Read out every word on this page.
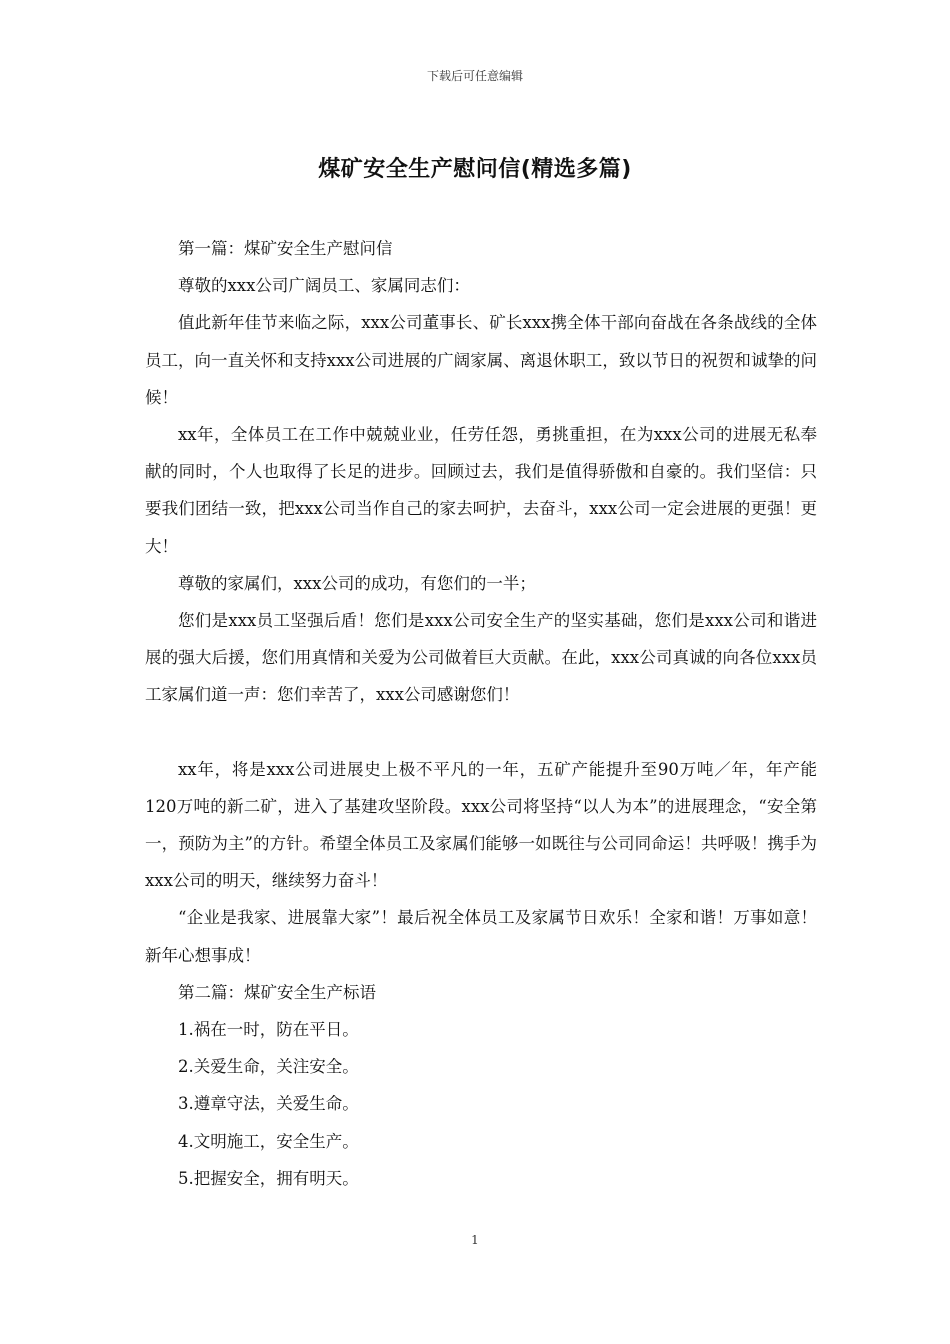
下载后可任意编辑
煤矿安全生产慰问信(精选多篇)

第一篇：煤矿安全生产慰问信

尊敬的xxx公司广阔员工、家属同志们：

值此新年佳节来临之际，xxx公司董事长、矿长xxx携全体干部向奋战在各条战线的全体员工，向一直关怀和支持xxx公司进展的广阔家属、离退休职工，致以节日的祝贺和诚挚的问候！

xx年，全体员工在工作中兢兢业业，任劳任怨，勇挑重担，在为xxx公司的进展无私奉献的同时，个人也取得了长足的进步。回顾过去，我们是值得骄傲和自豪的。我们坚信：只要我们团结一致，把xxx公司当作自己的家去呵护，去奋斗，xxx公司一定会进展的更强！更大！

尊敬的家属们，xxx公司的成功，有您们的一半；

您们是xxx员工坚强后盾！您们是xxx公司安全生产的坚实基础，您们是xxx公司和谐进展的强大后援，您们用真情和关爱为公司做着巨大贡献。在此，xxx公司真诚的向各位xxx员工家属们道一声：您们幸苦了，xxx公司感谢您们！

xx年，将是xxx公司进展史上极不平凡的一年，五矿产能提升至90万吨／年，年产能120万吨的新二矿，进入了基建攻坚阶段。xxx公司将坚持“以人为本”的进展理念，“安全第一，预防为主”的方针。希望全体员工及家属们能够一如既往与公司同命运！共呼吸！携手为xxx公司的明天，继续努力奋斗！

“企业是我家、进展靠大家”！最后祝全体员工及家属节日欢乐！全家和谐！万事如意！新年心想事成！

第二篇：煤矿安全生产标语

1.祸在一时，防在平日。

2.关爱生命，关注安全。

3.遵章守法，关爱生命。

4.文明施工，安全生产。

5.把握安全，拥有明天。

1
